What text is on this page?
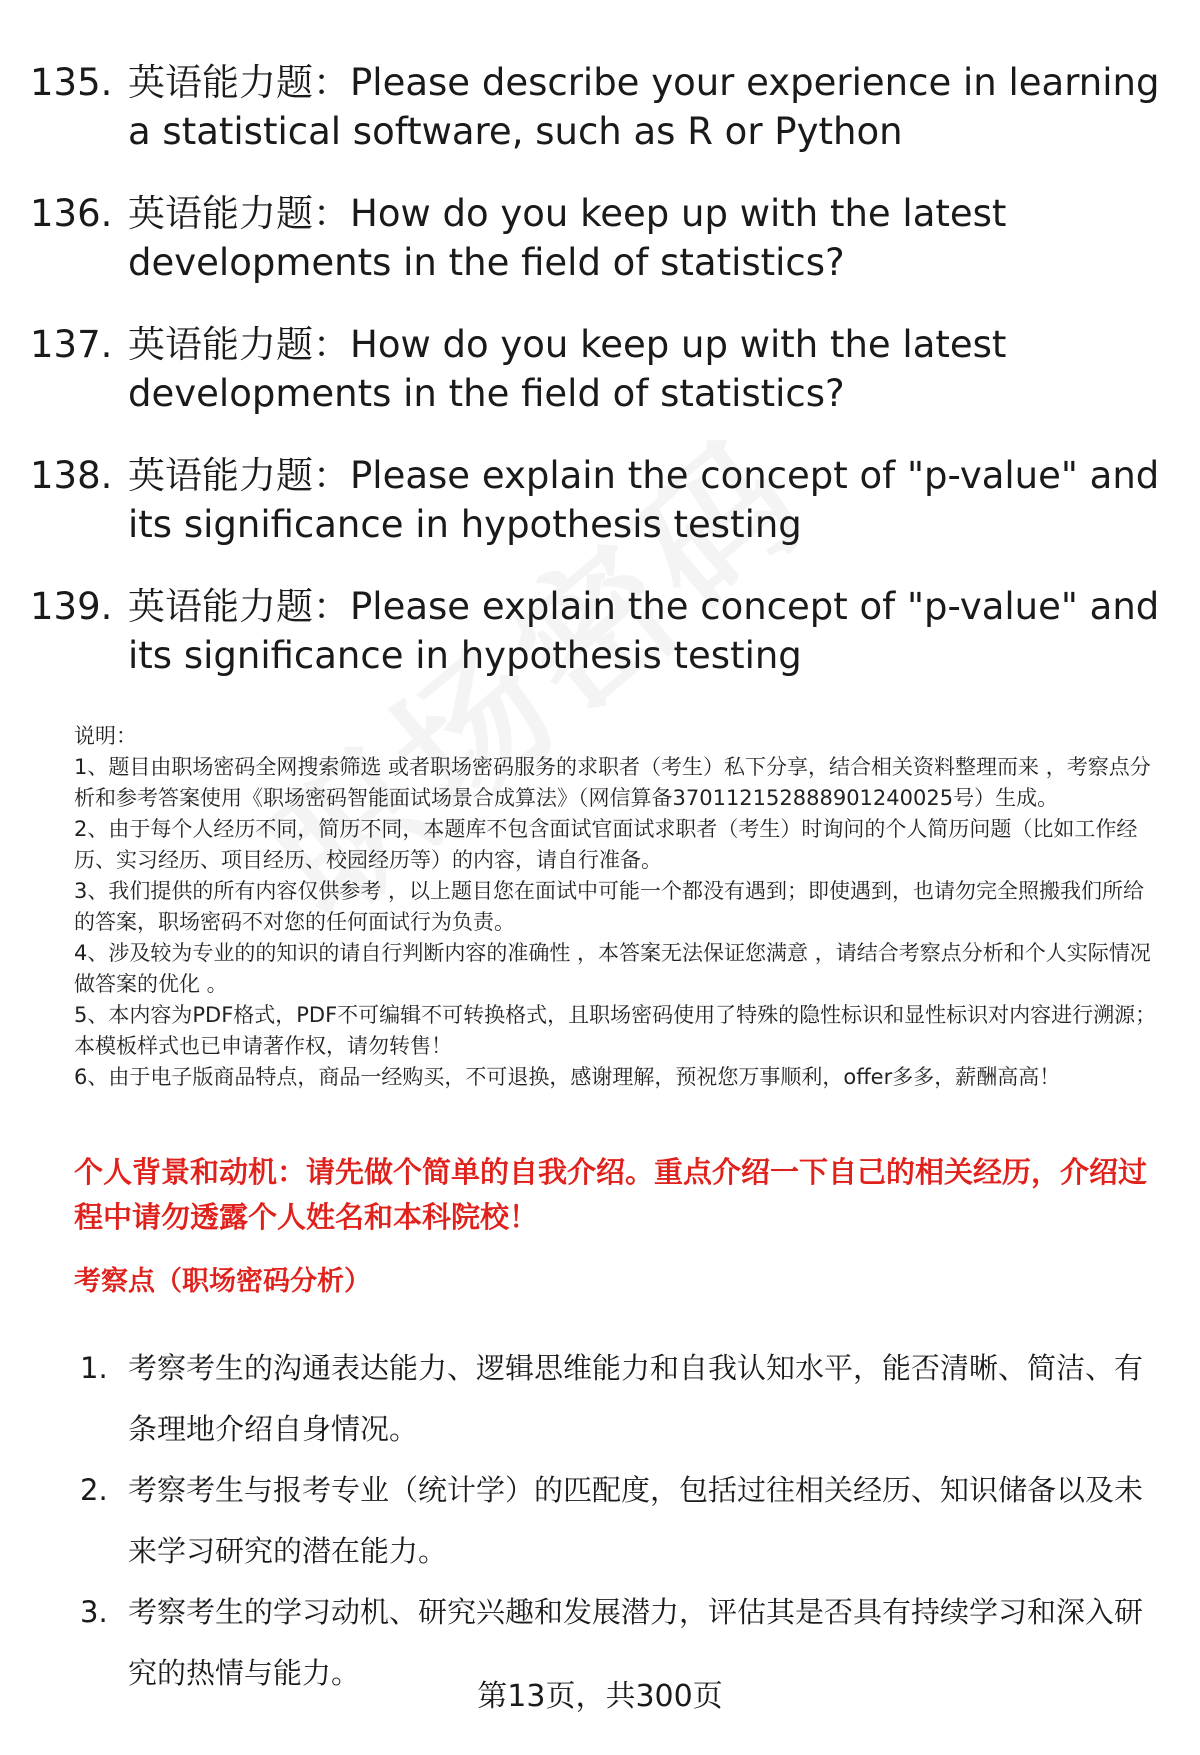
135. 英语能力题：Please describe your experience in learning a statistical software, such as R or Python
136. 英语能力题：How do you keep up with the latest developments in the field of statistics?
137. 英语能力题：How do you keep up with the latest developments in the field of statistics?
138. 英语能力题：Please explain the concept of "p-value" and its significance in hypothesis testing
139. 英语能力题：Please explain the concept of "p-value" and its significance in hypothesis testing

说明：

1、题目由职场密码全网搜索筛选 或者职场密码服务的求职者（考生）私下分享，结合相关资料整理而来 ，考察点分析和参考答案使用《职场密码智能面试场景合成算法》（网信算备370112152888901240025号）生成。

2、由于每个人经历不同，简历不同，本题库不包含面试官面试求职者（考生）时询问的个人简历问题（比如工作经历、实习经历、项目经历、校园经历等）的内容，请自行准备。

3、我们提供的所有内容仅供参考 ，以上题目您在面试中可能一个都没有遇到；即使遇到，也请勿完全照搬我们所给的答案，职场密码不对您的任何面试行为负责。

4、涉及较为专业的的知识的请自行判断内容的准确性 ，本答案无法保证您满意 ，请结合考察点分析和个人实际情况做答案的优化 。

5、本内容为PDF格式，PDF不可编辑不可转换格式，且职场密码使用了特殊的隐性标识和显性标识对内容进行溯源；本模板样式也已申请著作权，请勿转售！

6、由于电子版商品特点，商品一经购买，不可退换，感谢理解，预祝您万事顺利，offer多多，薪酬高高！

个人背景和动机：请先做个简单的自我介绍。重点介绍一下自己的相关经历，介绍过程中请勿透露个人姓名和本科院校！
考察点（职场密码分析）
1. 考察考生的沟通表达能力、逻辑思维能力和自我认知水平，能否清晰、简洁、有条理地介绍自身情况。
2. 考察考生与报考专业（统计学）的匹配度，包括过往相关经历、知识储备以及未来学习研究的潜在能力。
3. 考察考生的学习动机、研究兴趣和发展潜力，评估其是否具有持续学习和深入研究的热情与能力。
第13页，共300页
